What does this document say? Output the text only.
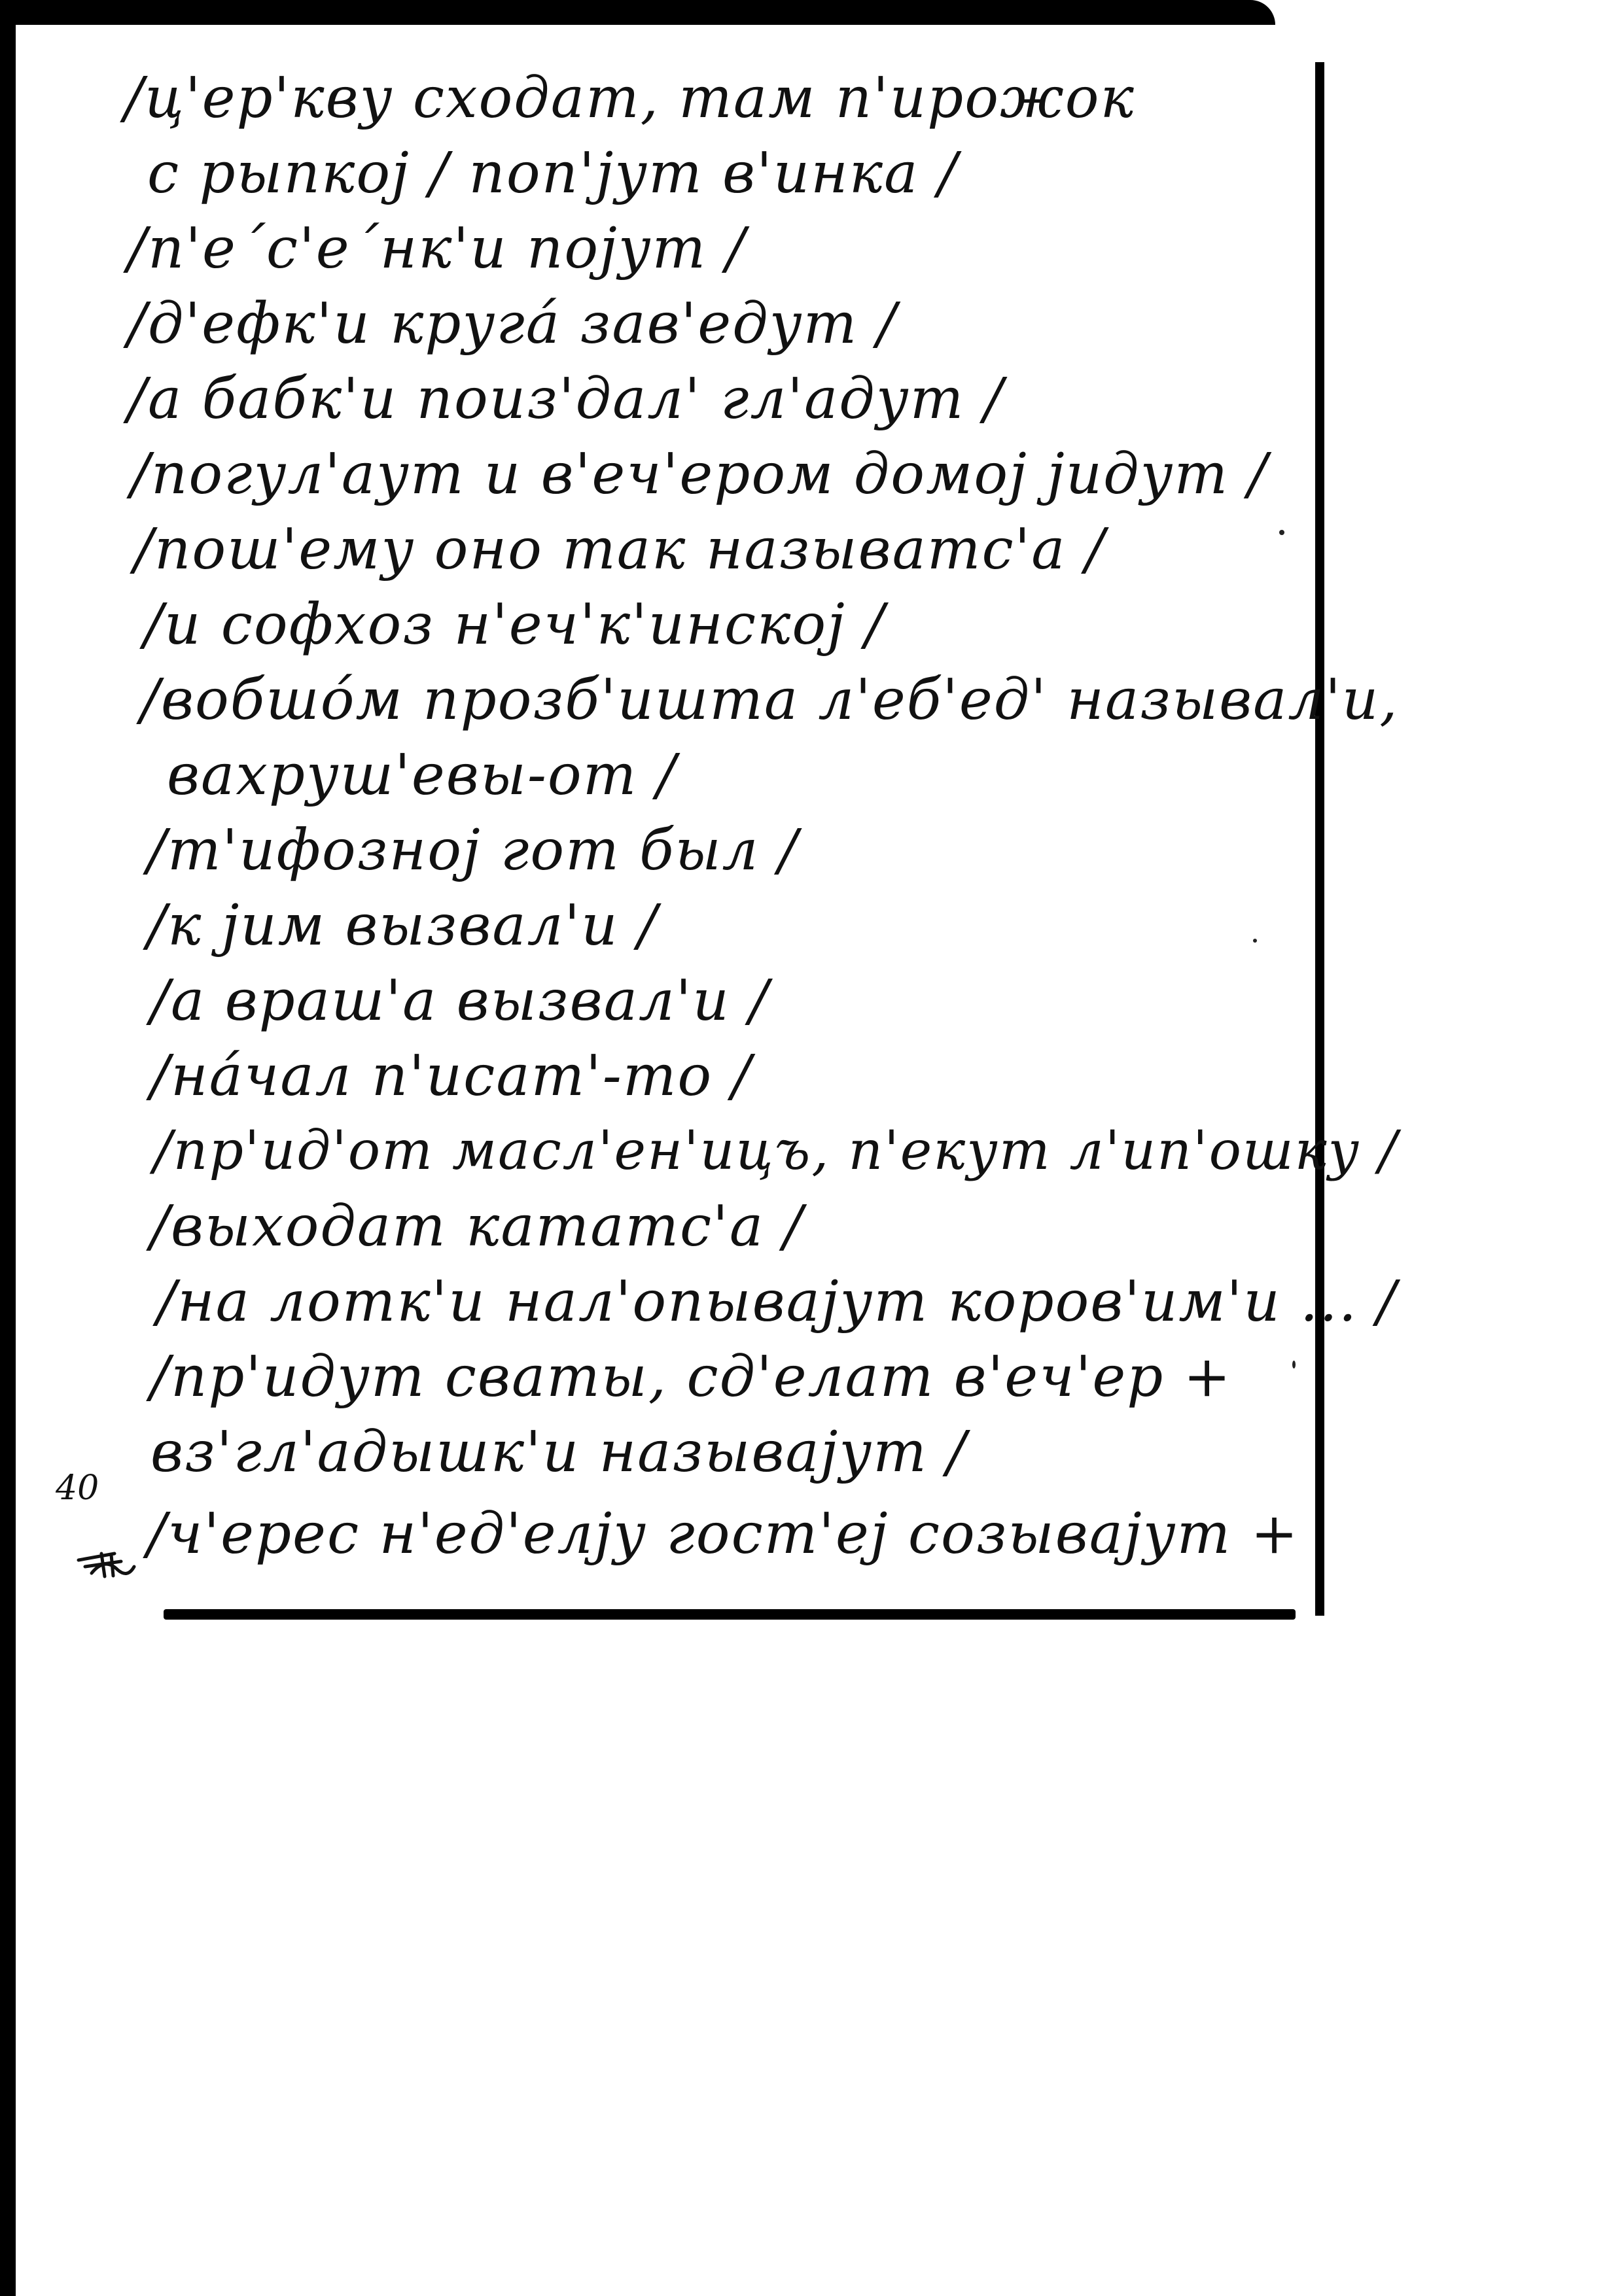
/ц'ер'кву сходат, там п'ирожок
с рыпкоj / поп'jут в'инка /
/п'е´с'е´нк'и поjут /
/д'ефк'и круга́ зав'едут /
/а бабк'и поиз'дал' гл'адут /
/погул'аут и в'еч'ером домоj jидут /
/пош'ему оно так называтс'а /
/и софхоз н'еч'к'инскоj /
/вобшо́м прозб'ишта л'еб'ед' называл'и,
вахруш'евы-от /
/т'ифозноj гот был /
/к jим вызвал'и /
/а враш'а вызвал'и /
/на́чал п'исат'-то /
/пр'ид'от масл'ен'ицъ, п'екут л'ип'ошку /
/выходат кататс'а /
/на лотк'и нал'опываjут коров'им'и ... /
/пр'идут сваты, сд'елат в'еч'ер +
вз'гл'адышк'и называjут /
/ч'ерес н'ед'елjу гост'еj созываjут +
40
